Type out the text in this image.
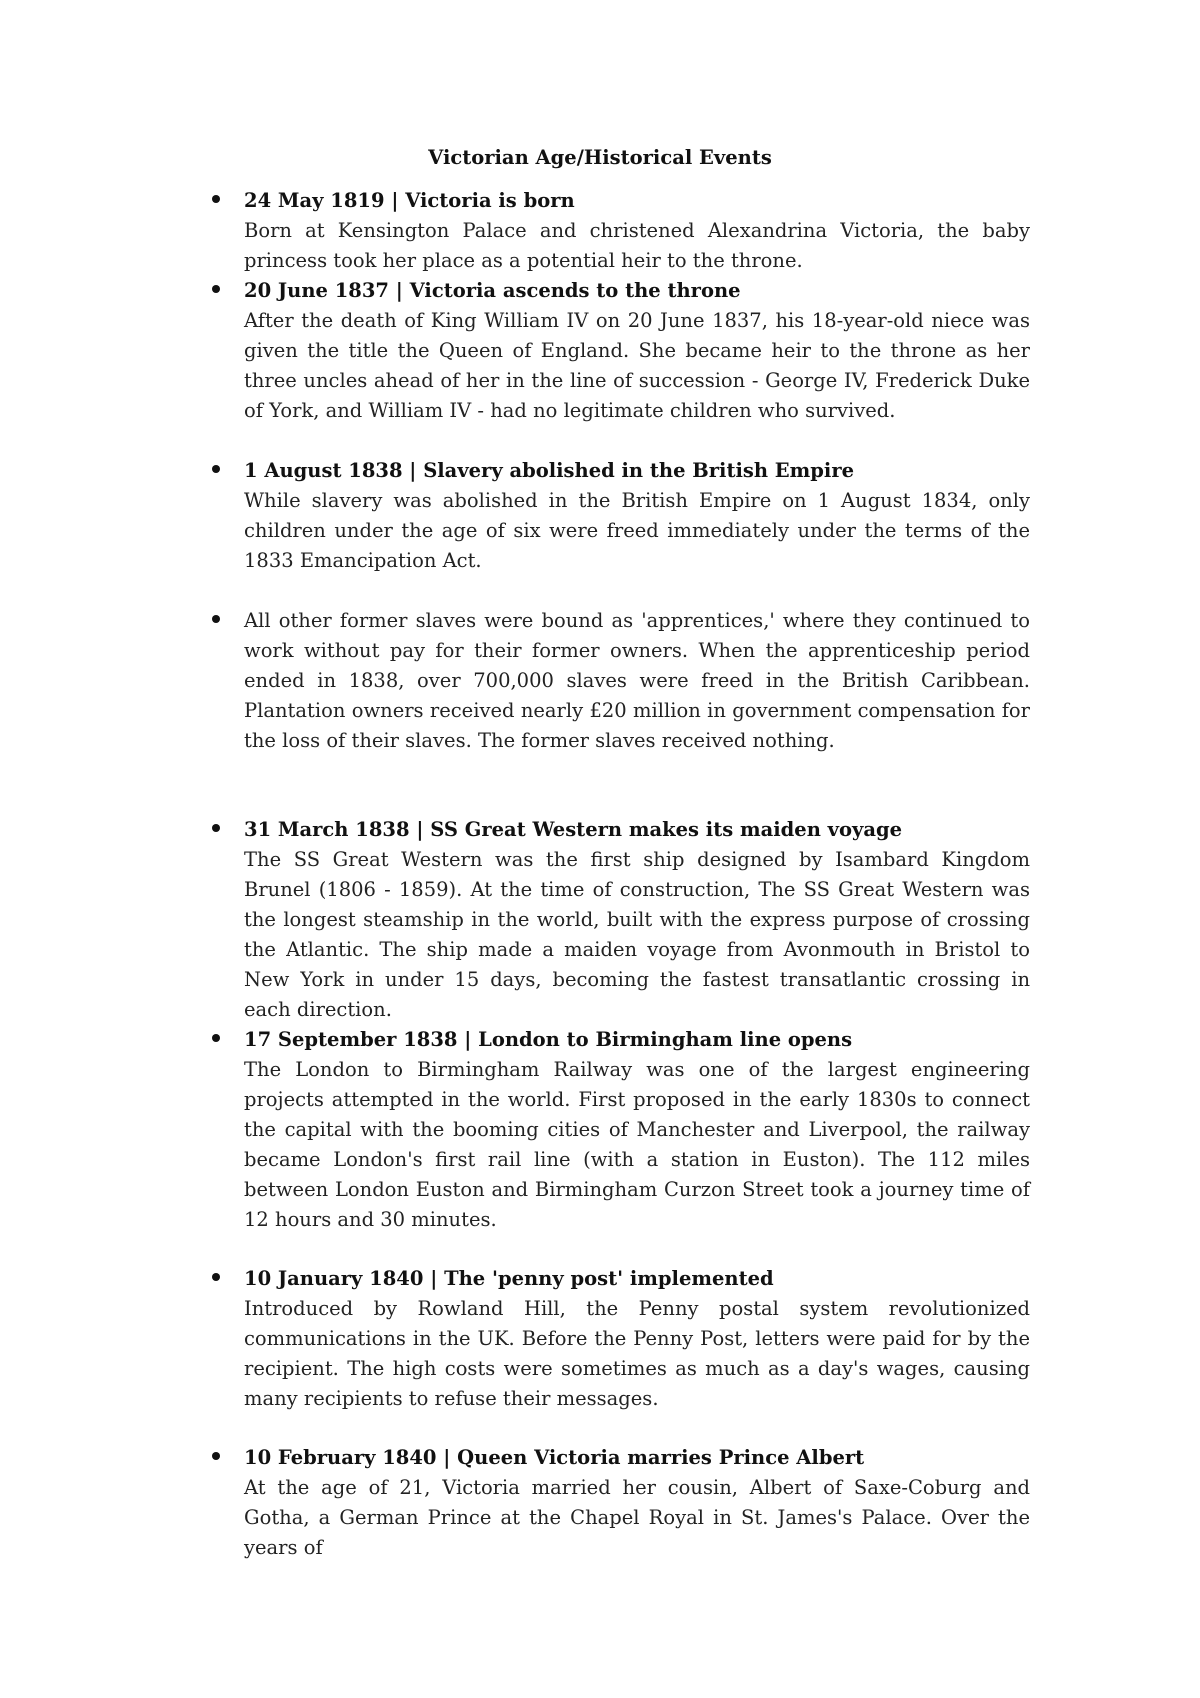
Victorian Age/Historical Events
24 May 1819 | Victoria is born
Born at Kensington Palace and christened Alexandrina Victoria, the baby princess took her place as a potential heir to the throne.
20 June 1837 | Victoria ascends to the throne
After the death of King William IV on 20 June 1837, his 18-year-old niece was given the title the Queen of England. She became heir to the throne as her three uncles ahead of her in the line of succession - George IV, Frederick Duke of York, and William IV - had no legitimate children who survived.
1 August 1838 | Slavery abolished in the British Empire
While slavery was abolished in the British Empire on 1 August 1834, only children under the age of six were freed immediately under the terms of the 1833 Emancipation Act.
All other former slaves were bound as 'apprentices,' where they continued to work without pay for their former owners. When the apprenticeship period ended in 1838, over 700,000 slaves were freed in the British Caribbean. Plantation owners received nearly £20 million in government compensation for the loss of their slaves. The former slaves received nothing.
31 March 1838 | SS Great Western makes its maiden voyage
The SS Great Western was the first ship designed by Isambard Kingdom Brunel (1806 - 1859). At the time of construction, The SS Great Western was the longest steamship in the world, built with the express purpose of crossing the Atlantic. The ship made a maiden voyage from Avonmouth in Bristol to New York in under 15 days, becoming the fastest transatlantic crossing in each direction.
17 September 1838 | London to Birmingham line opens
The London to Birmingham Railway was one of the largest engineering projects attempted in the world. First proposed in the early 1830s to connect the capital with the booming cities of Manchester and Liverpool, the railway became London's first rail line (with a station in Euston). The 112 miles between London Euston and Birmingham Curzon Street took a journey time of 12 hours and 30 minutes.
10 January 1840 | The 'penny post' implemented
Introduced by Rowland Hill, the Penny postal system revolutionized communications in the UK. Before the Penny Post, letters were paid for by the recipient. The high costs were sometimes as much as a day's wages, causing many recipients to refuse their messages.
10 February 1840 | Queen Victoria marries Prince Albert
At the age of 21, Victoria married her cousin, Albert of Saxe-Coburg and Gotha, a German Prince at the Chapel Royal in St. James's Palace. Over the years of
